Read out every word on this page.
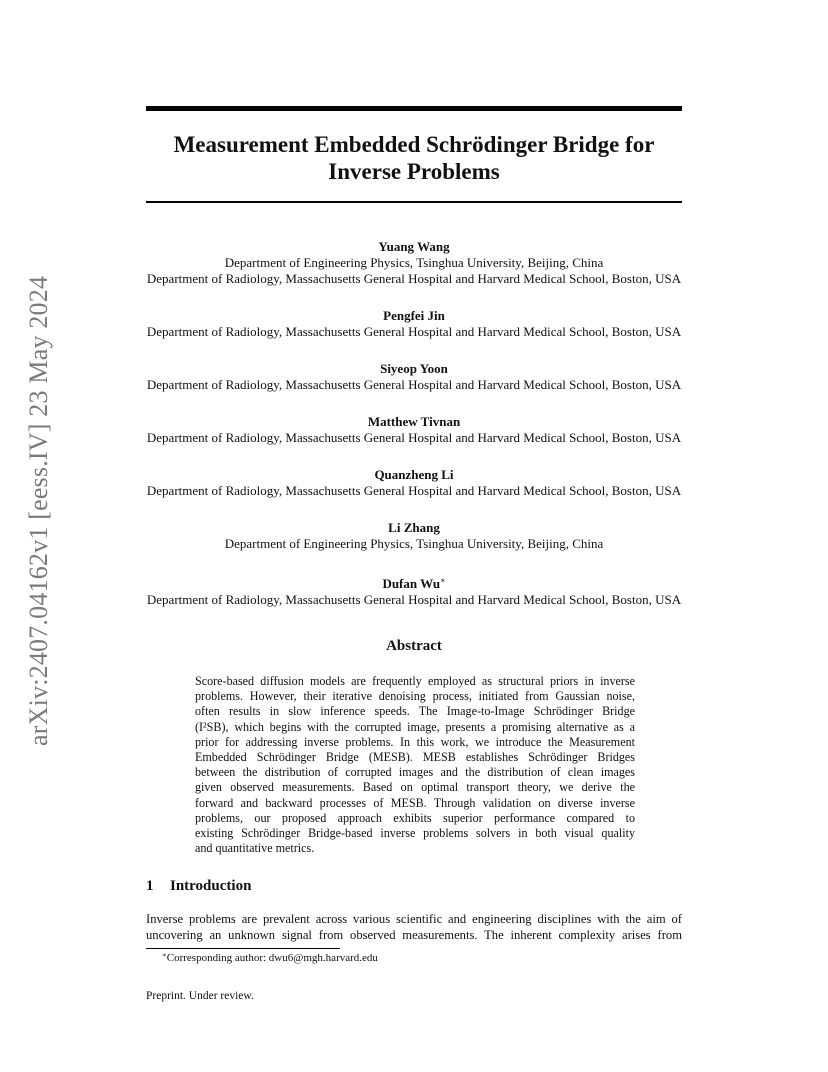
arXiv:2407.04162v1 [eess.IV] 23 May 2024
Measurement Embedded Schrödinger Bridge for
Inverse Problems
Yuang Wang
Department of Engineering Physics, Tsinghua University, Beijing, China
Department of Radiology, Massachusetts General Hospital and Harvard Medical School, Boston, USA
Pengfei Jin
Department of Radiology, Massachusetts General Hospital and Harvard Medical School, Boston, USA
Siyeop Yoon
Department of Radiology, Massachusetts General Hospital and Harvard Medical School, Boston, USA
Matthew Tivnan
Department of Radiology, Massachusetts General Hospital and Harvard Medical School, Boston, USA
Quanzheng Li
Department of Radiology, Massachusetts General Hospital and Harvard Medical School, Boston, USA
Li Zhang
Department of Engineering Physics, Tsinghua University, Beijing, China
Dufan Wu∗
Department of Radiology, Massachusetts General Hospital and Harvard Medical School, Boston, USA
Abstract
Score-based diffusion models are frequently employed as structural priors in inverse
problems. However, their iterative denoising process, initiated from Gaussian noise,
often results in slow inference speeds. The Image-to-Image Schrödinger Bridge
(I²SB), which begins with the corrupted image, presents a promising alternative as a
prior for addressing inverse problems. In this work, we introduce the Measurement
Embedded Schrödinger Bridge (MESB). MESB establishes Schrödinger Bridges
between the distribution of corrupted images and the distribution of clean images
given observed measurements. Based on optimal transport theory, we derive the
forward and backward processes of MESB. Through validation on diverse inverse
problems, our proposed approach exhibits superior performance compared to
existing Schrödinger Bridge-based inverse problems solvers in both visual quality
and quantitative metrics.
1 Introduction
Inverse problems are prevalent across various scientific and engineering disciplines with the aim of
uncovering an unknown signal from observed measurements. The inherent complexity arises from

∗Corresponding author: dwu6@mgh.harvard.edu

Preprint. Under review.
